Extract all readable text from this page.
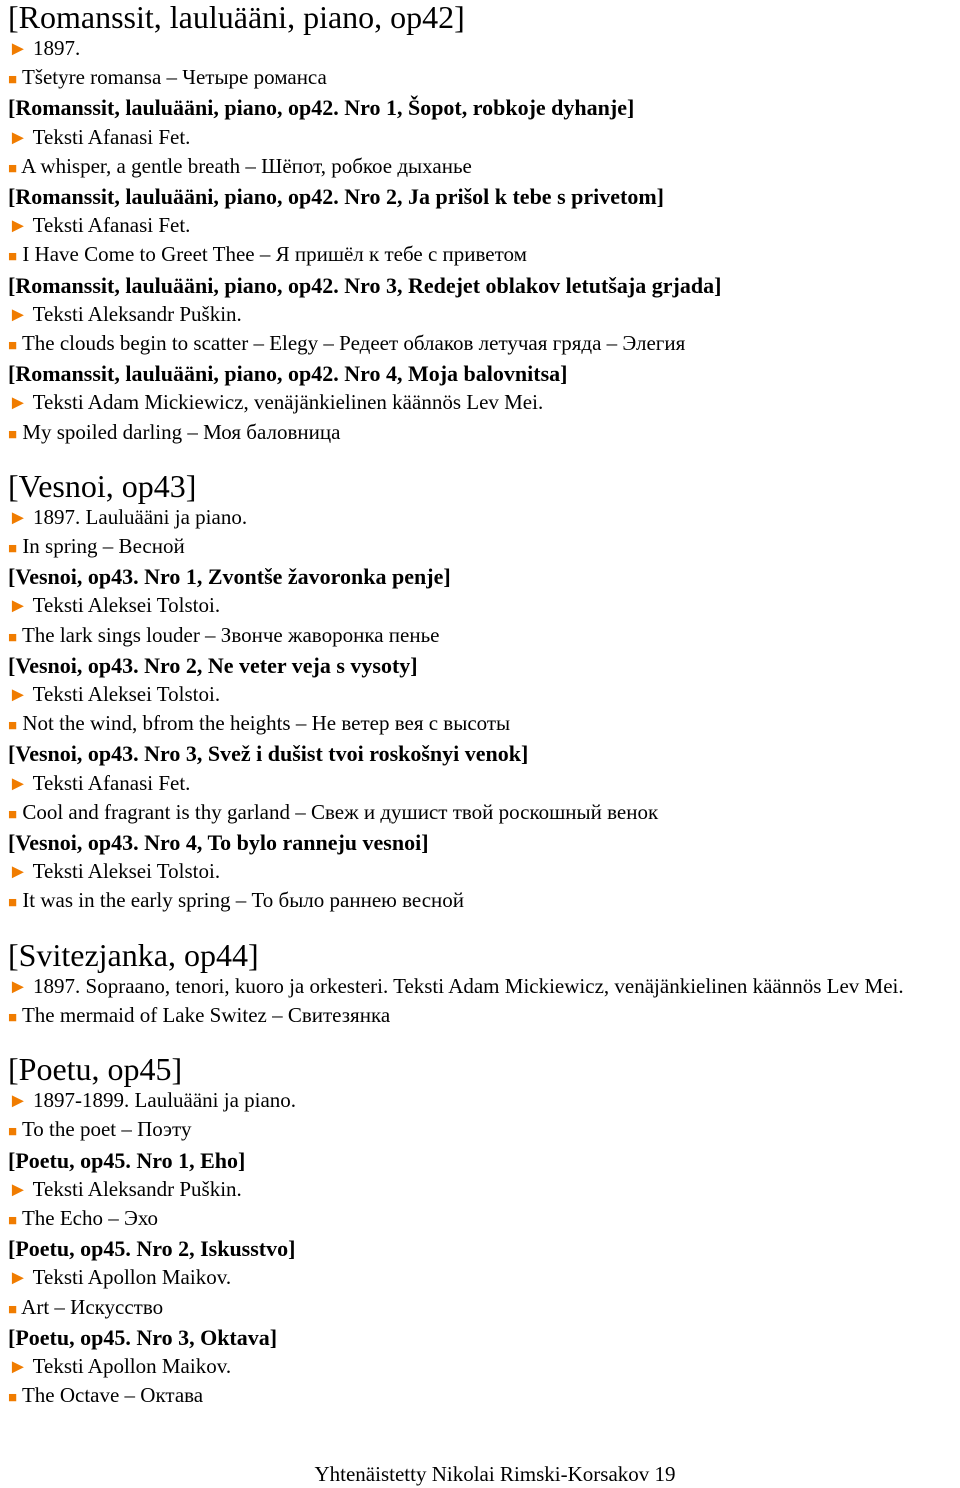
[Romanssit, lauluääni, piano, op42]

► 1897.

■ Tšetyre romansa – Четыре романса

[Romanssit, lauluääni, piano, op42. Nro 1, Šopot, robkoje dyhanje]

► Teksti Afanasi Fet.

■ A whisper, a gentle breath – Шёпот, робкое дыханье

[Romanssit, lauluääni, piano, op42. Nro 2, Ja prišol k tebe s privetom]

► Teksti Afanasi Fet.

■ I Have Come to Greet Thee – Я пришёл к тебе с приветом

[Romanssit, lauluääni, piano, op42. Nro 3, Redejet oblakov letutšaja grjada]

► Teksti Aleksandr Puškin.

■ The clouds begin to scatter – Elegy – Редеет облаков летучая гряда – Элегия

[Romanssit, lauluääni, piano, op42. Nro 4, Moja balovnitsa]

► Teksti Adam Mickiewicz, venäjänkielinen käännös Lev Mei.

■ My spoiled darling – Моя баловница

[Vesnoi, op43]

► 1897. Lauluääni ja piano.

■ In spring – Весной

[Vesnoi, op43. Nro 1, Zvontše žavoronka penje]

► Teksti Aleksei Tolstoi.

■ The lark sings louder – Звонче жаворонка пенье

[Vesnoi, op43. Nro 2, Ne veter veja s vysoty]

► Teksti Aleksei Tolstoi.

■ Not the wind, bfrom the heights – Не ветер вея с высоты

[Vesnoi, op43. Nro 3, Svež i dušist tvoi roskošnyi venok]

► Teksti Afanasi Fet.

■ Cool and fragrant is thy garland – Свеж и душист твой роскошный венок

[Vesnoi, op43. Nro 4, To bylo ranneju vesnoi]

► Teksti Aleksei Tolstoi.

■ It was in the early spring – То было раннею весной

[Svitezjanka, op44]

► 1897. Sopraano, tenori, kuoro ja orkesteri. Teksti Adam Mickiewicz, venäjänkielinen käännös Lev Mei.

■ The mermaid of Lake Switez – Свитезянка

[Poetu, op45]

► 1897-1899. Lauluääni ja piano.

■ To the poet – Поэту

[Poetu, op45. Nro 1, Eho]

► Teksti Aleksandr Puškin.

■ The Echo – Эхо

[Poetu, op45. Nro 2, Iskusstvo]

► Teksti Apollon Maikov.

■ Art – Искусство

[Poetu, op45. Nro 3, Oktava]

► Teksti Apollon Maikov.

■ The Octave – Октава

Yhtenäistetty Nikolai Rimski-Korsakov 19
